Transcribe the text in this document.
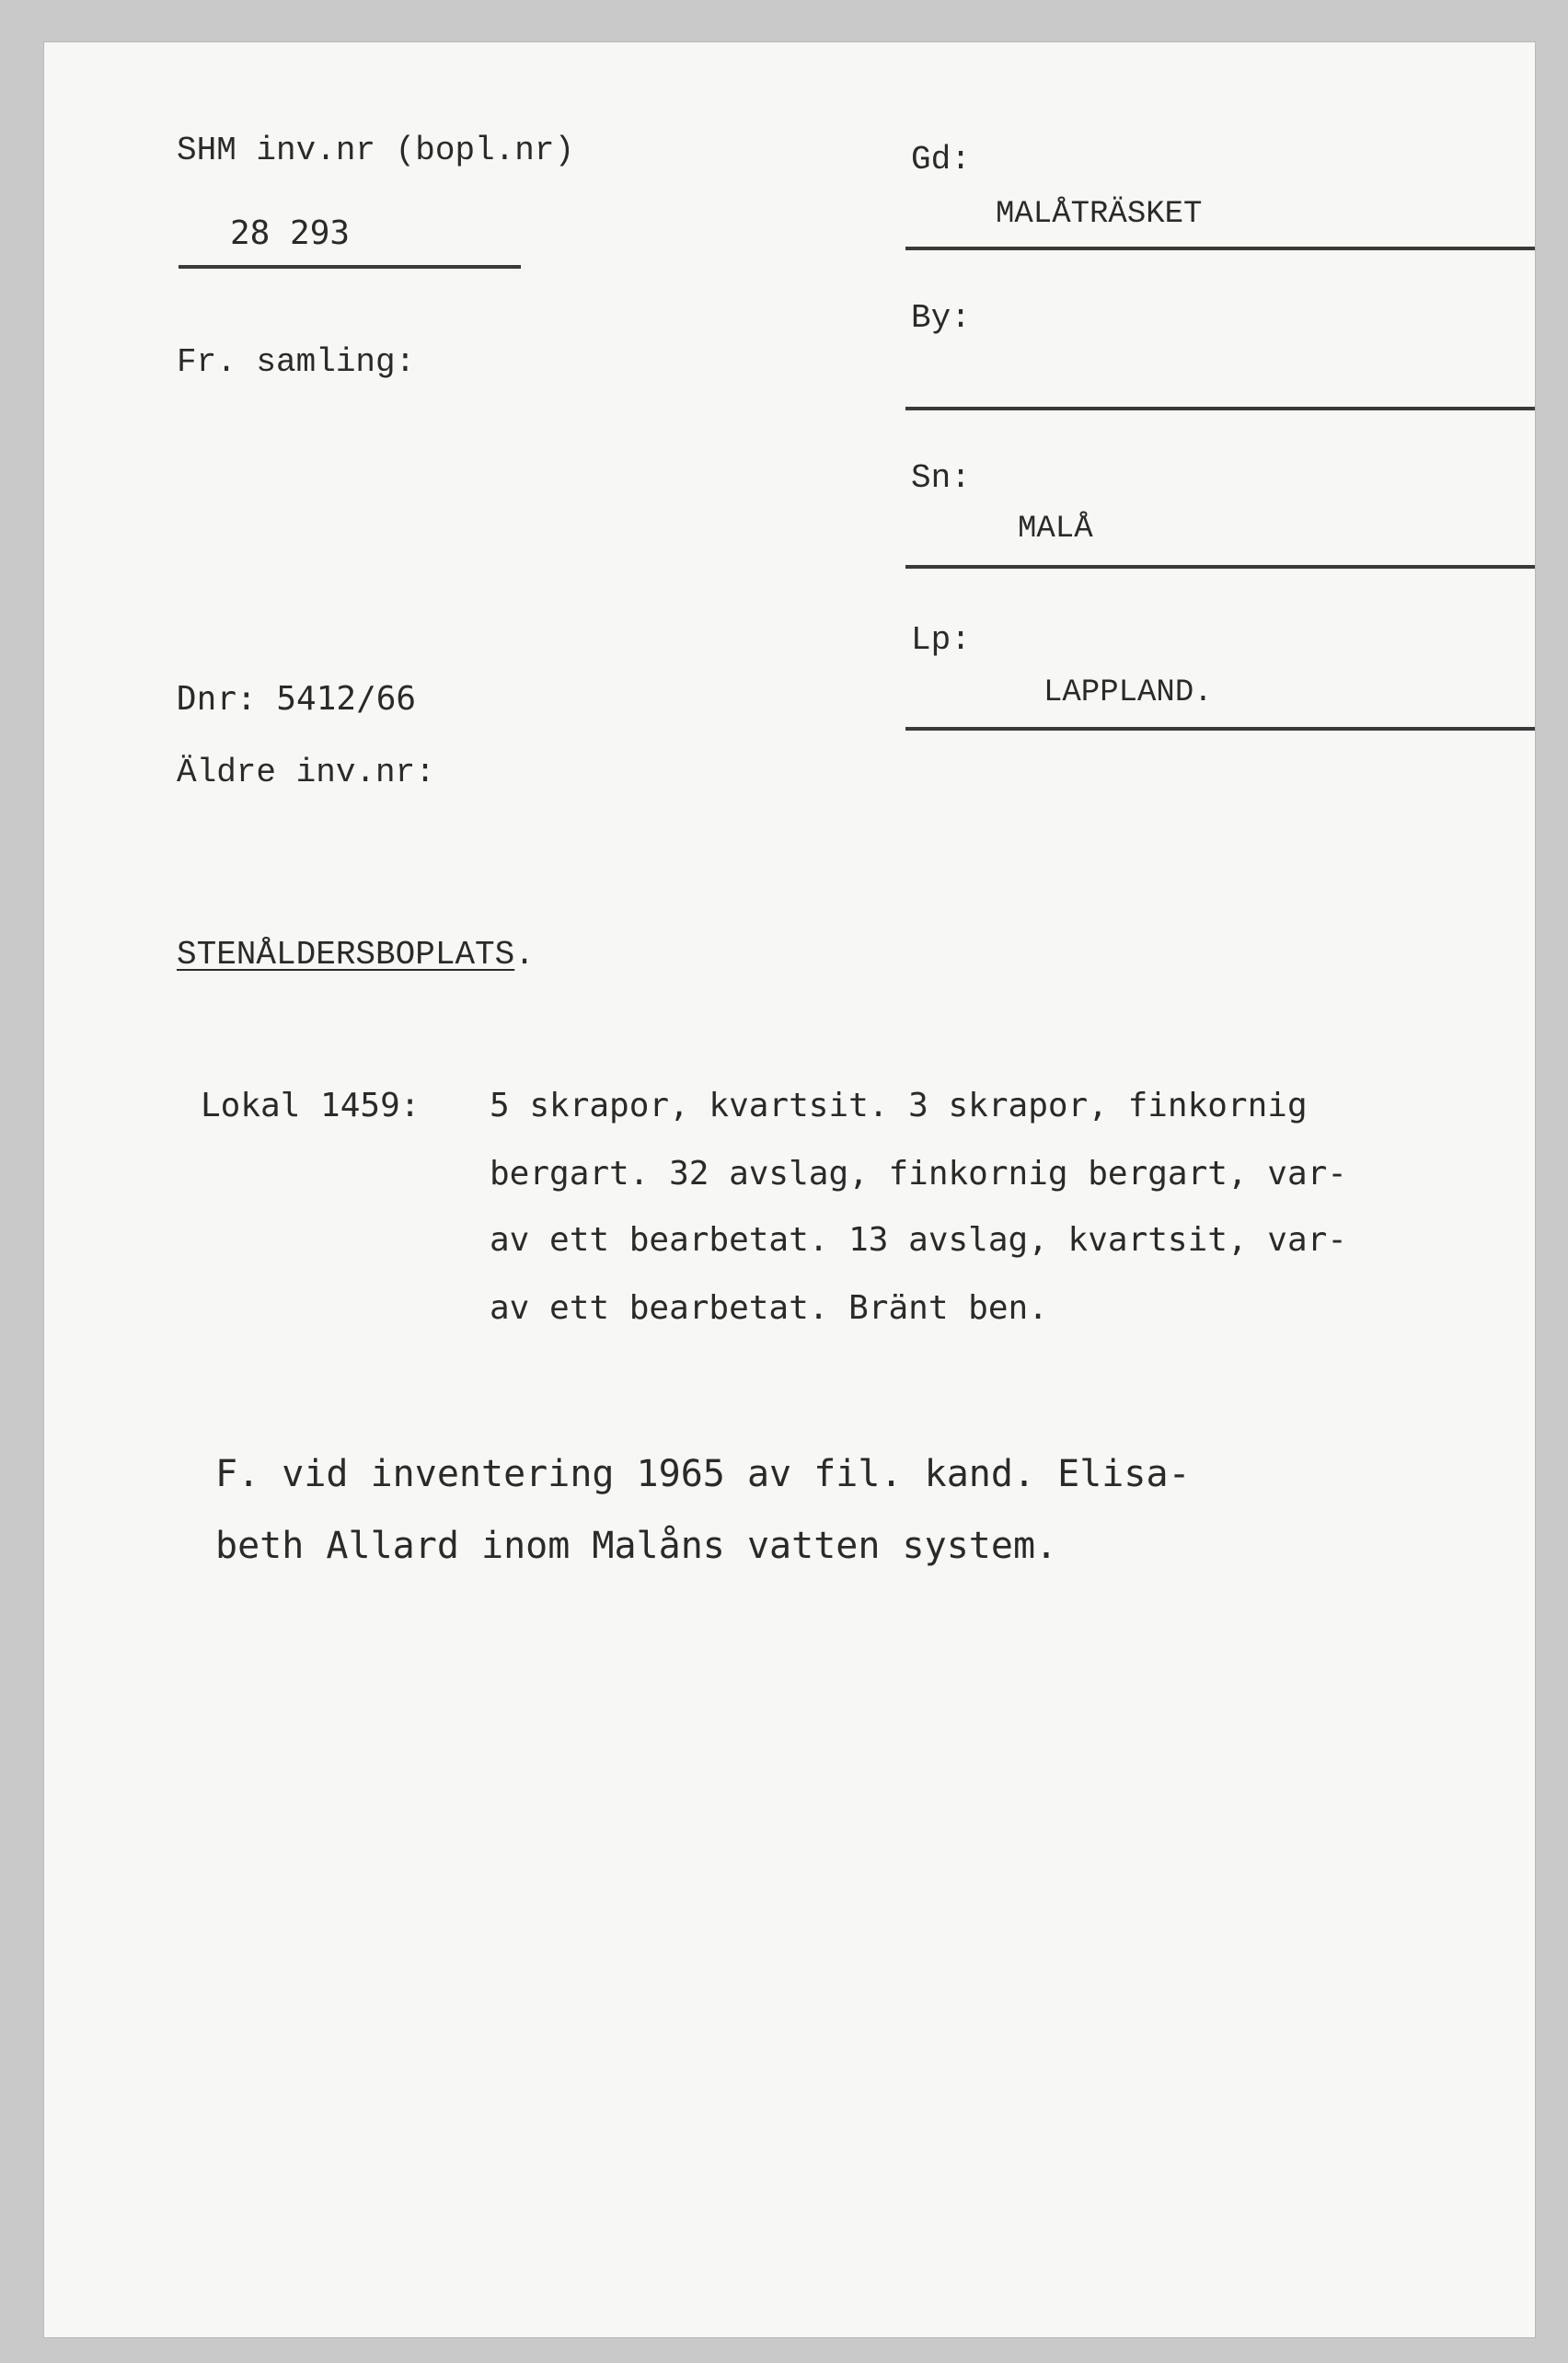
SHM inv.nr (bopl.nr)
28 293
Fr. samling:
Dnr: 5412/66
Äldre inv.nr:
Gd:
MALÅTRÄSKET
By:
Sn:
MALÅ
Lp:
LAPPLAND.
STENÅLDERSBOPLATS.
Lokal 1459: 5 skrapor, kvartsit. 3 skrapor, finkornig
bergart. 32 avslag, finkornig bergart, var-
av ett bearbetat. 13 avslag, kvartsit, var-
av ett bearbetat. Bränt ben.
F. vid inventering 1965 av fil. kand. Elisa-
beth Allard inom Malåns vatten system.
